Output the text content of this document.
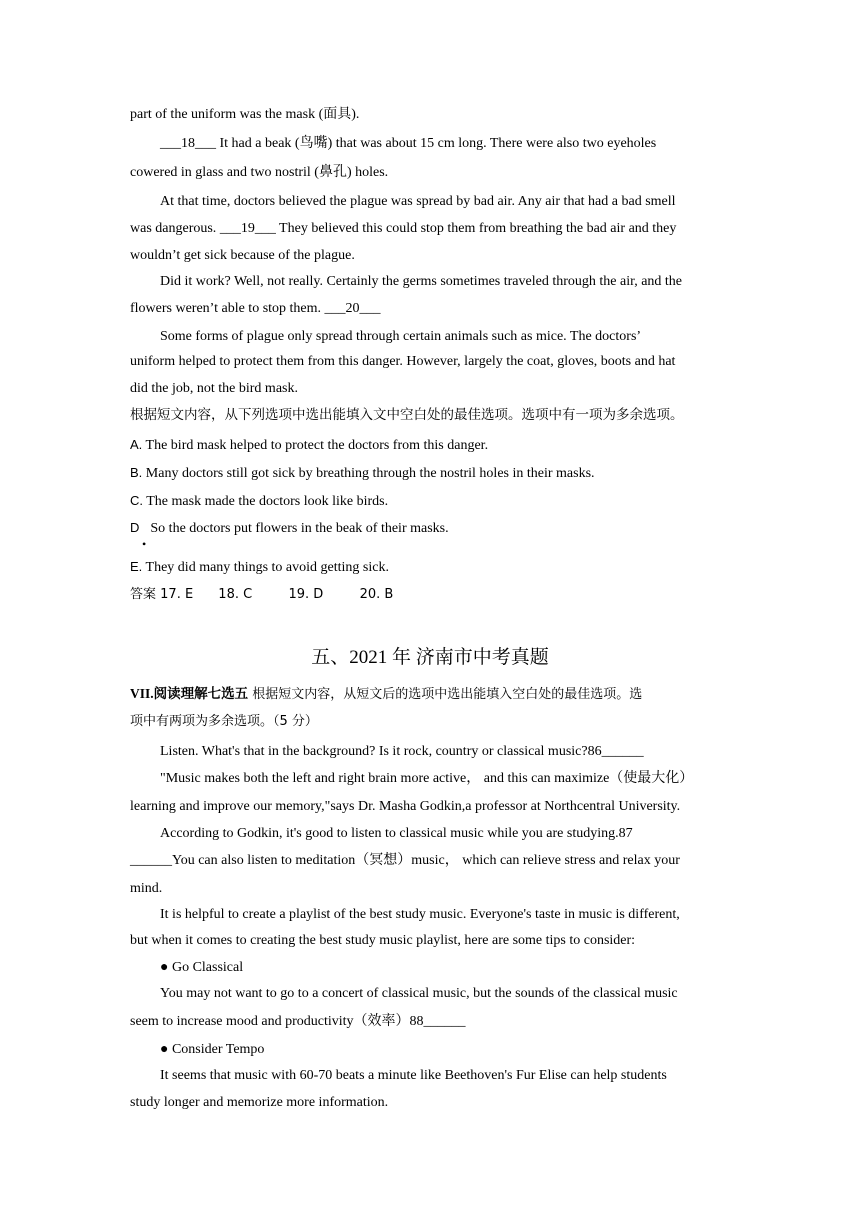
part of the uniform was the mask (面具).
___18___ It had a beak (鸟嘴) that was about 15 cm long. There were also two eyeholes
cowered in glass and two nostril (鼻孔) holes.
At that time, doctors believed the plague was spread by bad air. Any air that had a bad smell
was dangerous. ___19___ They believed this could stop them from breathing the bad air and they
wouldn’t get sick because of the plague.
Did it work? Well, not really. Certainly the germs sometimes traveled through the air, and the
flowers weren’t able to stop them. ___20___
Some forms of plague only spread through certain animals such as mice. The doctors’
uniform helped to protect them from this danger. However, largely the coat, gloves, boots and hat
did the job, not the bird mask.
根据短文内容，从下列选项中选出能填入文中空白处的最佳选项。选项中有一项为多余选项。
A. The bird mask helped to protect the doctors from this danger.
B. Many doctors still got sick by breathing through the nostril holes in their masks.
C. The mask made the doctors look like birds.
D So the doctors put flowers in the beak of their masks.
•
E. They did many things to avoid getting sick.
答案 17. E 18. C	19. D	20. B
五、2021 年 济南市中考真题
VII.阅读理解七选五 根据短文内容，从短文后的选项中选出能填入空白处的最佳选项。选
项中有两项为多余选项。（5 分）
Listen. What's that in the background? Is it rock, country or classical music?86______
"Music makes both the left and right brain more active， and this can maximize（使最大化）
learning and improve our memory,"says Dr. Masha Godkin,a professor at Northcentral University.
According to Godkin, it's good to listen to classical music while you are studying.87
______You can also listen to meditation（冥想）music， which can relieve stress and relax your
mind.
It is helpful to create a playlist of the best study music. Everyone's taste in music is different,
but when it comes to creating the best study music playlist, here are some tips to consider:
● Go Classical
You may not want to go to a concert of classical music, but the sounds of the classical music
seem to increase mood and productivity（效率）88______
● Consider Tempo
It seems that music with 60-70 beats a minute like Beethoven's Fur Elise can help students
study longer and memorize more information.
